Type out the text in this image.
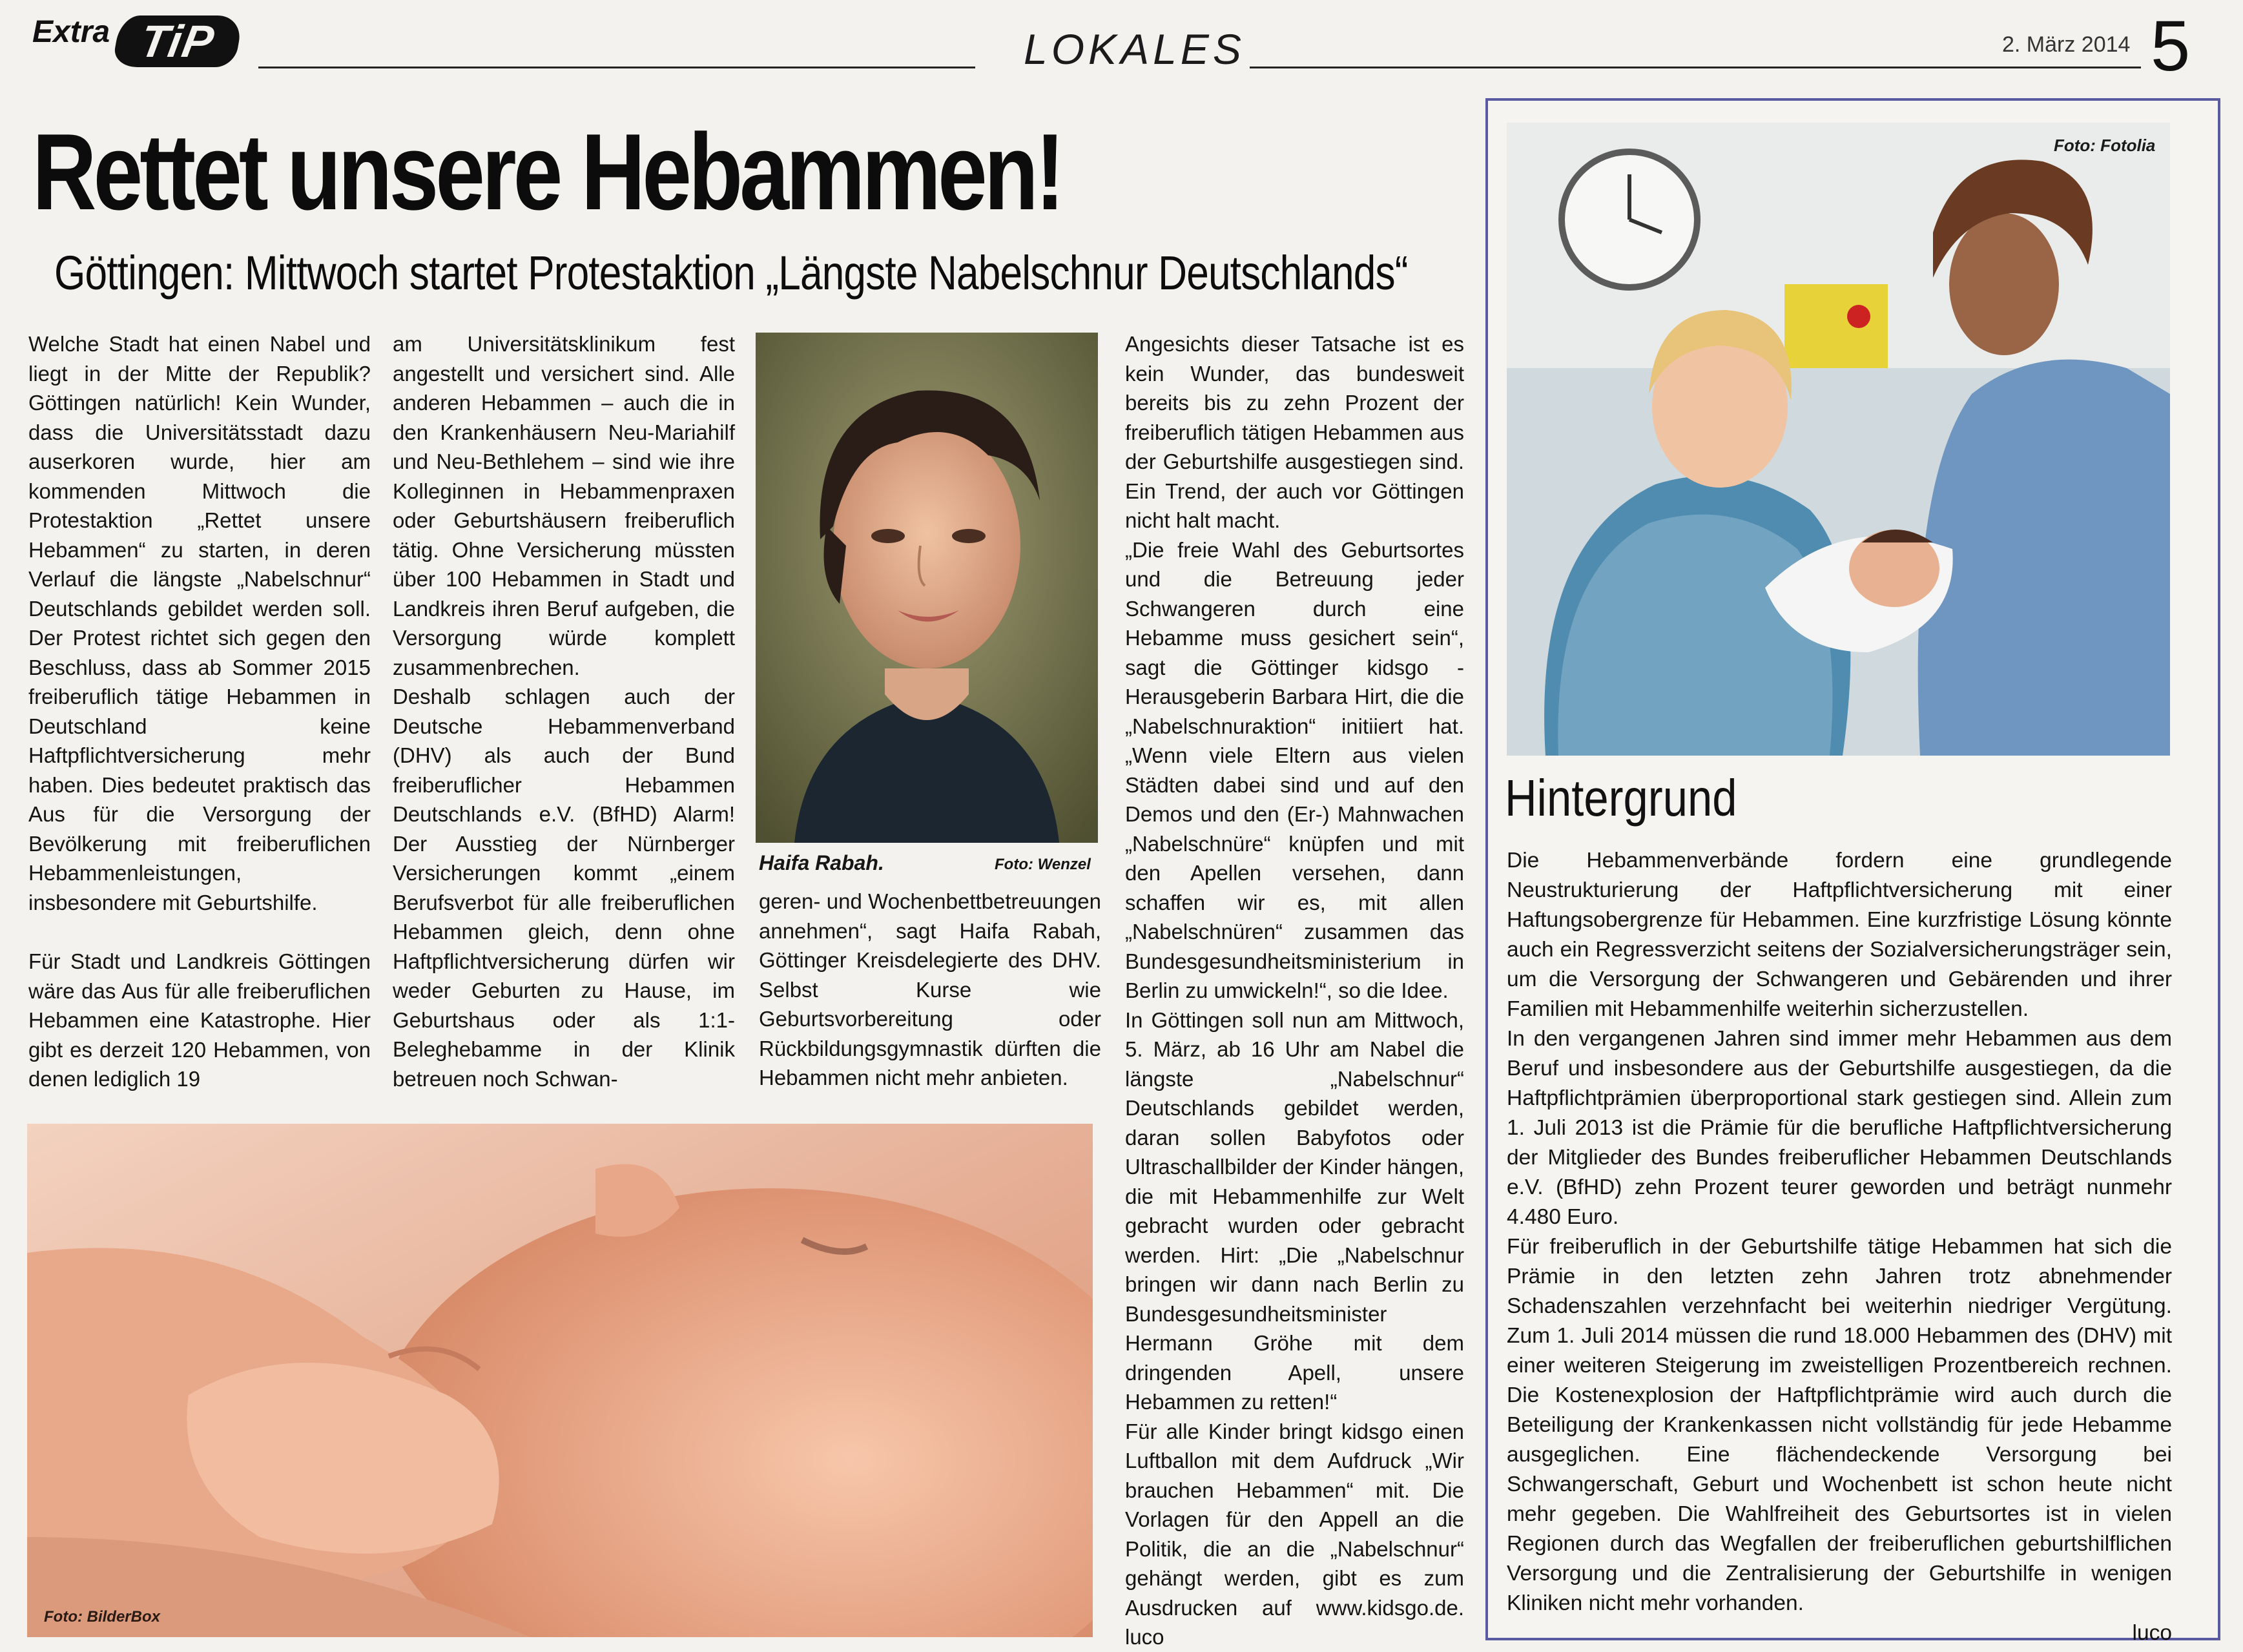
Extra TiP	LOKALES	2. März 2014 5
Rettet unsere Hebammen!
Göttingen: Mittwoch startet Protestaktion „Längste Nabelschnur Deutschlands“

Welche Stadt hat einen Nabel und liegt in der Mitte der Republik? Göttingen natürlich! Kein Wunder, dass die Universitätsstadt dazu auserkoren wurde, hier am kommenden Mittwoch die Protestaktion „Rettet unsere Hebammen“ zu starten, in deren Verlauf die längste „Nabelschnur“ Deutschlands gebildet werden soll. Der Protest richtet sich gegen den Beschluss, dass ab Sommer 2015 freiberuflich tätige Hebammen in Deutschland keine Haftpflichtversicherung mehr haben. Dies bedeutet praktisch das Aus für die Versorgung der Bevölkerung mit freiberuflichen Hebammenleistungen, insbesondere mit Geburtshilfe.

Für Stadt und Landkreis Göttingen wäre das Aus für alle freiberuflichen Hebammen eine Katastrophe. Hier gibt es derzeit 120 Hebammen, von denen lediglich 19

am Universitätsklinikum fest angestellt und versichert sind. Alle anderen Hebammen – auch die in den Krankenhäusern Neu-Mariahilf und Neu-Bethlehem – sind wie ihre Kolleginnen in Hebammenpraxen oder Geburtshäusern freiberuflich tätig. Ohne Versicherung müssten über 100 Hebammen in Stadt und Landkreis ihren Beruf aufgeben, die Versorgung würde komplett zusammenbrechen.

Deshalb schlagen auch der Deutsche Hebammenverband (DHV) als auch der Bund freiberuflicher Hebammen Deutschlands e.V. (BfHD) Alarm! Der Ausstieg der Nürnberger Versicherungen kommt „einem Berufsverbot für alle freiberuflichen Hebammen gleich, denn ohne Haftpflichtversicherung dürfen wir weder Geburten zu Hause, im Geburtshaus oder als 1:1-Beleghebamme in der Klinik betreuen noch Schwan-

Haifa Rabah.	Foto: Wenzel

geren- und Wochenbettbetreuungen annehmen“, sagt Haifa Rabah, Göttinger Kreisdelegierte des DHV. Selbst Kurse wie Geburtsvorbereitung oder Rückbildungsgymnastik dürften die Hebammen nicht mehr anbieten.

Angesichts dieser Tatsache ist es kein Wunder, das bundesweit bereits bis zu zehn Prozent der freiberuflich tätigen Hebammen aus der Geburtshilfe ausgestiegen sind. Ein Trend, der auch vor Göttingen nicht halt macht.

„Die freie Wahl des Geburtsortes und die Betreuung jeder Schwangeren durch eine Hebamme muss gesichert sein“, sagt die Göttinger kidsgo - Herausgeberin Barbara Hirt, die die „Nabelschnuraktion“ initiiert hat. „Wenn viele Eltern aus vielen Städten dabei sind und auf den Demos und den (Er-) Mahnwachen „Nabelschnüre“ knüpfen und mit den Apellen versehen, dann schaffen wir es, mit allen „Nabelschnüren“ zusammen das Bundesgesundheitsministerium in Berlin zu umwickeln!“, so die Idee.

In Göttingen soll nun am Mittwoch, 5. März, ab 16 Uhr am Nabel die längste „Nabelschnur“ Deutschlands gebildet werden, daran sollen Babyfotos oder Ultraschallbilder der Kinder hängen, die mit Hebammenhilfe zur Welt gebracht wurden oder gebracht werden. Hirt: „Die „Nabelschnur bringen wir dann nach Berlin zu Bundesgesundheitsminister Hermann Gröhe mit dem dringenden Apell, unsere Hebammen zu retten!“

Für alle Kinder bringt kidsgo einen Luftballon mit dem Aufdruck „Wir brauchen Hebammen“ mit. Die Vorlagen für den Appell an die Politik, die an die „Nabelschnur“ gehängt werden, gibt es zum Ausdrucken auf www.kidsgo.de. luco

Foto: BilderBox
Foto: Fotolia
Hintergrund

Die Hebammenverbände fordern eine grundlegende Neustrukturierung der Haftpflichtversicherung mit einer Haftungsobergrenze für Hebammen. Eine kurzfristige Lösung könnte auch ein Regressverzicht seitens der Sozialversicherungsträger sein, um die Versorgung der Schwangeren und Gebärenden und ihrer Familien mit Hebammenhilfe weiterhin sicherzustellen.

In den vergangenen Jahren sind immer mehr Hebammen aus dem Beruf und insbesondere aus der Geburtshilfe ausgestiegen, da die Haftpflichtprämien überproportional stark gestiegen sind. Allein zum 1. Juli 2013 ist die Prämie für die berufliche Haftpflichtversicherung der Mitglieder des Bundes freiberuflicher Hebammen Deutschlands e.V. (BfHD) zehn Prozent teurer geworden und beträgt nunmehr 4.480 Euro.

Für freiberuflich in der Geburtshilfe tätige Hebammen hat sich die Prämie in den letzten zehn Jahren trotz abnehmender Schadenszahlen verzehnfacht bei weiterhin niedriger Vergütung. Zum 1. Juli 2014 müssen die rund 18.000 Hebammen des (DHV) mit einer weiteren Steigerung im zweistelligen Prozentbereich rechnen. Die Kostenexplosion der Haftpflichtprämie wird auch durch die Beteiligung der Krankenkassen nicht vollständig für jede Hebamme ausgeglichen. Eine flächendeckende Versorgung bei Schwangerschaft, Geburt und Wochenbett ist schon heute nicht mehr gegeben. Die Wahlfreiheit des Geburtsortes ist in vielen Regionen durch das Wegfallen der freiberuflichen geburtshilflichen Versorgung und die Zentralisierung der Geburtshilfe in wenigen Kliniken nicht mehr vorhanden.

luco
